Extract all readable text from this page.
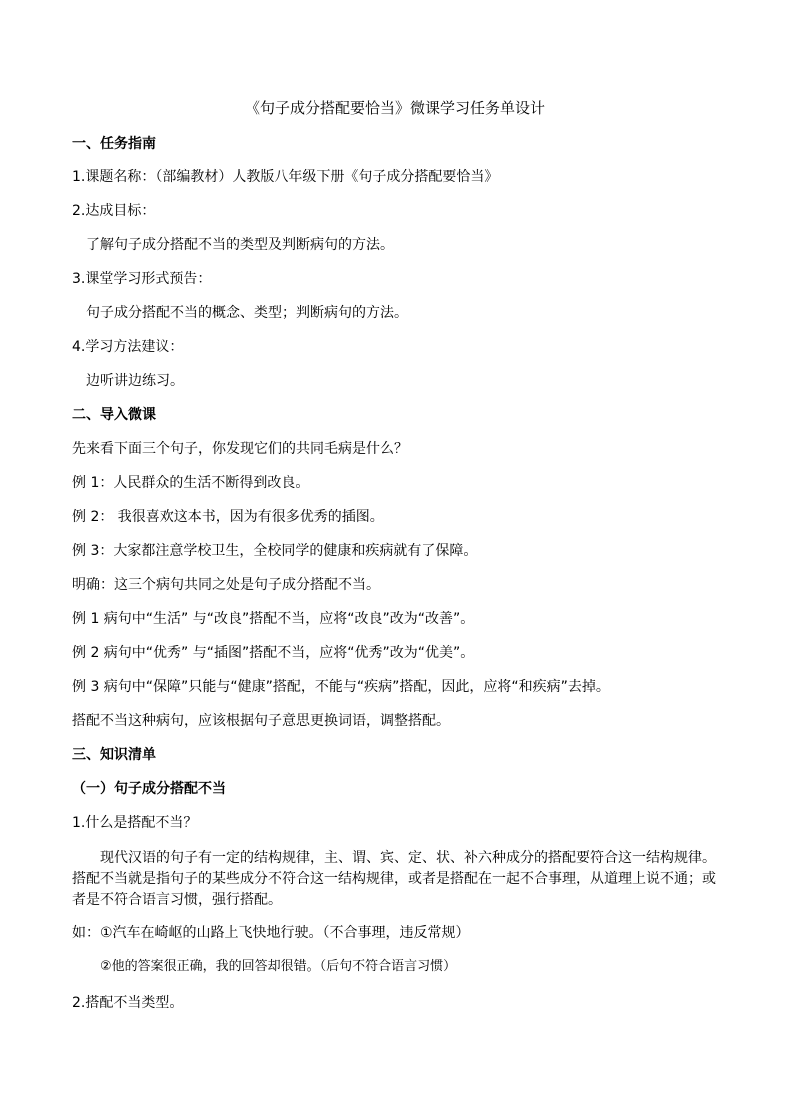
《句子成分搭配要恰当》微课学习任务单设计
一、任务指南
1.课题名称：（部编教材）人教版八年级下册《句子成分搭配要恰当》
2.达成目标：
了解句子成分搭配不当的类型及判断病句的方法。
3.课堂学习形式预告：
句子成分搭配不当的概念、类型；判断病句的方法。
4.学习方法建议：
边听讲边练习。
二、导入微课
先来看下面三个句子，你发现它们的共同毛病是什么？
例 1：人民群众的生活不断得到改良。
例 2： 我很喜欢这本书，因为有很多优秀的插图。
例 3：大家都注意学校卫生，全校同学的健康和疾病就有了保障。
明确：这三个病句共同之处是句子成分搭配不当。
例 1 病句中“生活” 与“改良”搭配不当，应将“改良”改为“改善”。
例 2 病句中“优秀” 与“插图”搭配不当，应将“优秀”改为“优美”。
例 3 病句中“保障”只能与“健康”搭配，不能与“疾病”搭配，因此，应将“和疾病”去掉。
搭配不当这种病句，应该根据句子意思更换词语，调整搭配。
三、知识清单
（一）句子成分搭配不当
1.什么是搭配不当？
现代汉语的句子有一定的结构规律，主、谓、宾、定、状、补六种成分的搭配要符合这一结构规律。搭配不当就是指句子的某些成分不符合这一结构规律，或者是搭配在一起不合事理，从道理上说不通；或者是不符合语言习惯，强行搭配。
如：①汽车在崎岖的山路上飞快地行驶。（不合事理，违反常规）
②他的答案很正确，我的回答却很错。（后句不符合语言习惯）
2.搭配不当类型。
